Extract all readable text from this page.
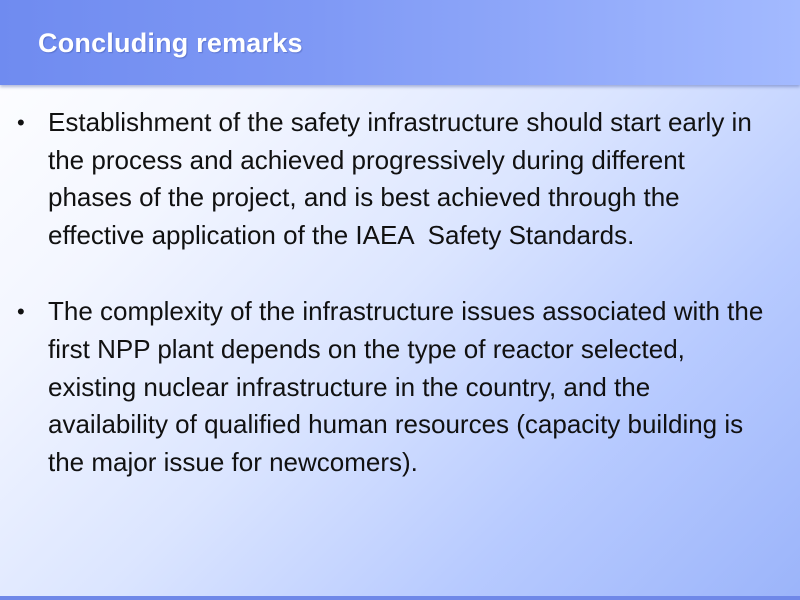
Concluding remarks
• Establishment of the safety infrastructure should start early in the process and achieved progressively during different phases of the project, and is best achieved through the effective application of the IAEA  Safety Standards.
• The complexity of the infrastructure issues associated with the first NPP plant depends on the type of reactor selected, existing nuclear infrastructure in the country, and the availability of qualified human resources (capacity building is the major issue for newcomers).
